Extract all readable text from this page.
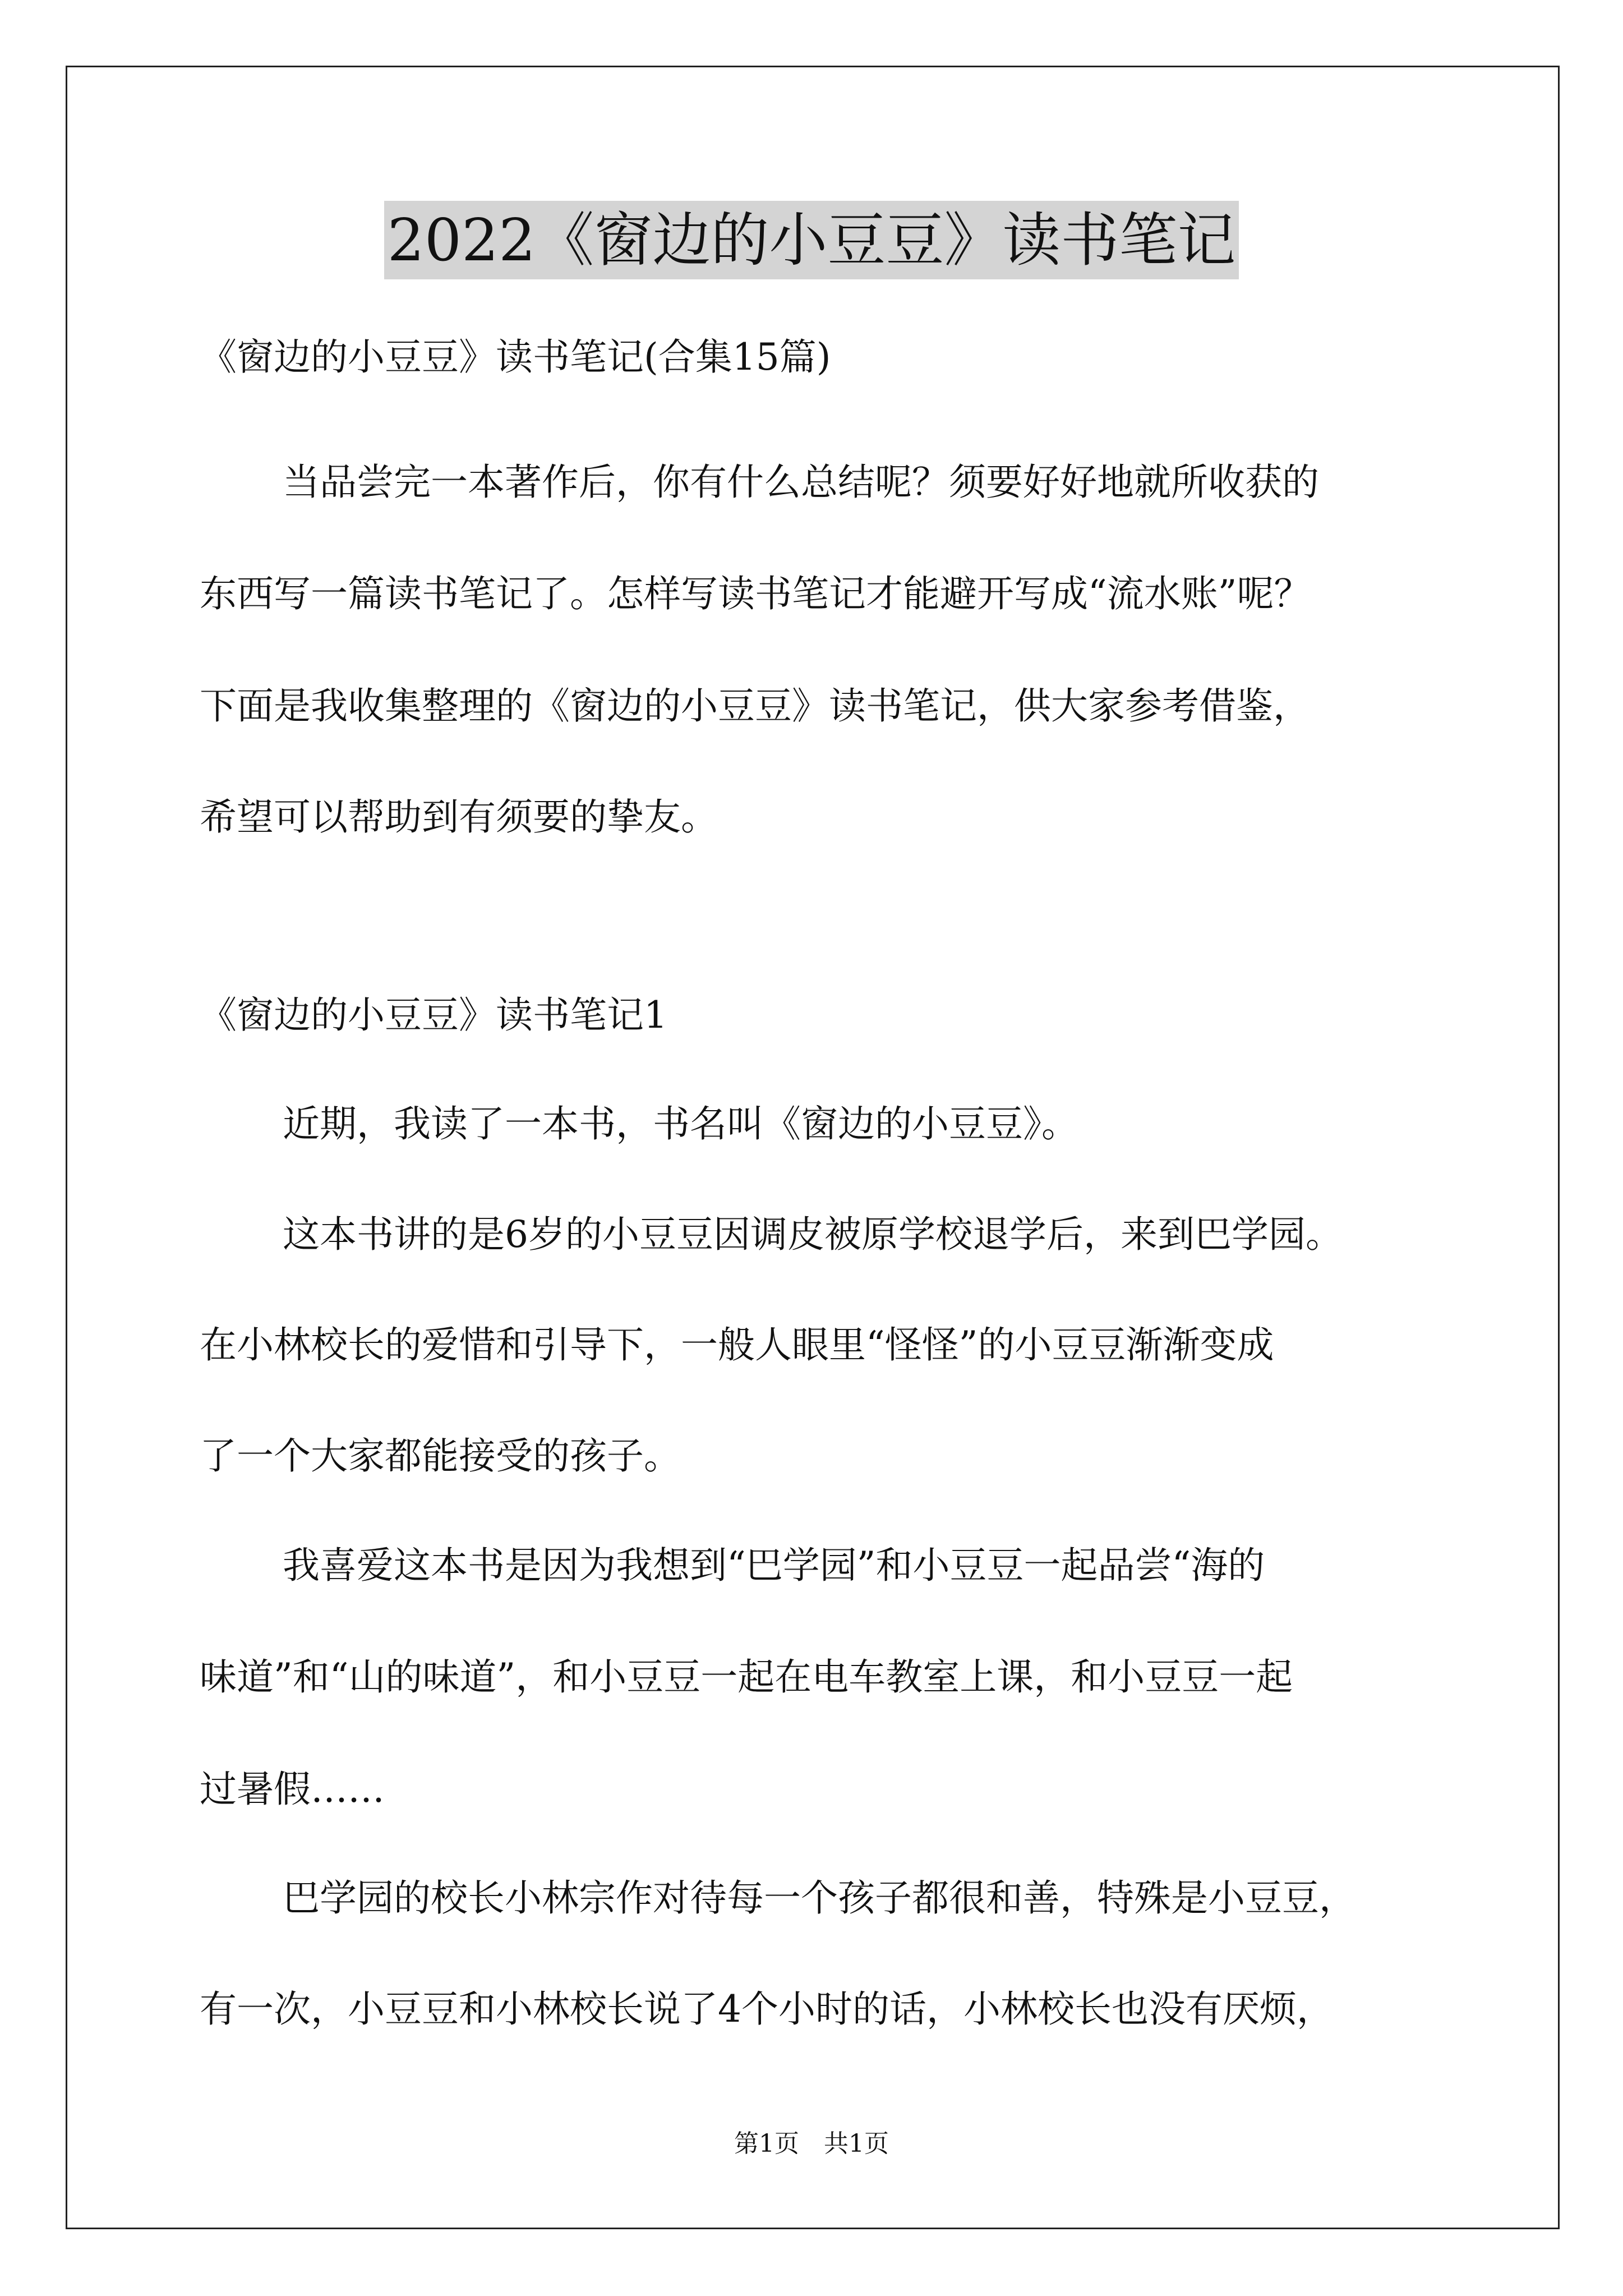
2022《窗边的小豆豆》读书笔记
《窗边的小豆豆》读书笔记(合集15篇)
当品尝完一本著作后，你有什么总结呢？须要好好地就所收获的
东西写一篇读书笔记了。怎样写读书笔记才能避开写成“流水账”呢？
下面是我收集整理的《窗边的小豆豆》读书笔记，供大家参考借鉴，
希望可以帮助到有须要的挚友。
《窗边的小豆豆》读书笔记1
近期，我读了一本书，书名叫《窗边的小豆豆》。
这本书讲的是6岁的小豆豆因调皮被原学校退学后，来到巴学园。
在小林校长的爱惜和引导下，一般人眼里“怪怪”的小豆豆渐渐变成
了一个大家都能接受的孩子。
我喜爱这本书是因为我想到“巴学园”和小豆豆一起品尝“海的
味道”和“山的味道”，和小豆豆一起在电车教室上课，和小豆豆一起
过暑假……
巴学园的校长小林宗作对待每一个孩子都很和善，特殊是小豆豆，
有一次，小豆豆和小林校长说了4个小时的话，小林校长也没有厌烦，
第1页　共1页
